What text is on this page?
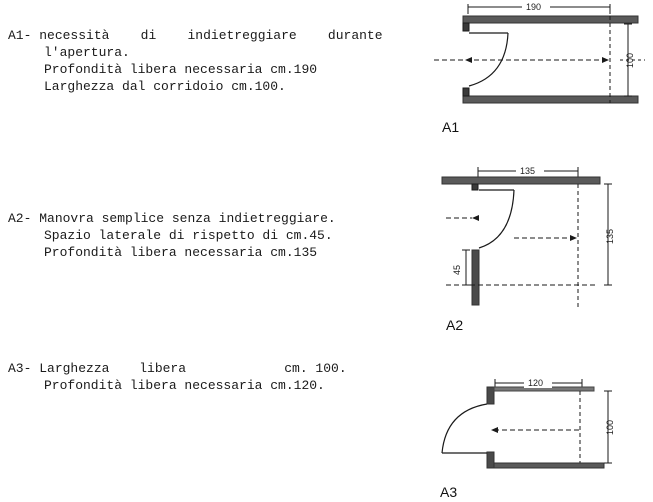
A1- necessità di indietreggiare durante
l'apertura.
Profondità libera necessaria cm.190
Larghezza dal corridoio cm.100.
A2- Manovra semplice senza indietreggiare.
Spazio laterale di rispetto di cm.45.
Profondità libera necessaria cm.135
A3- Larghezza libera	cm. 100.
Profondità libera necessaria cm.120.
190
100
A1
135
135
45
A2
120
100
A3
